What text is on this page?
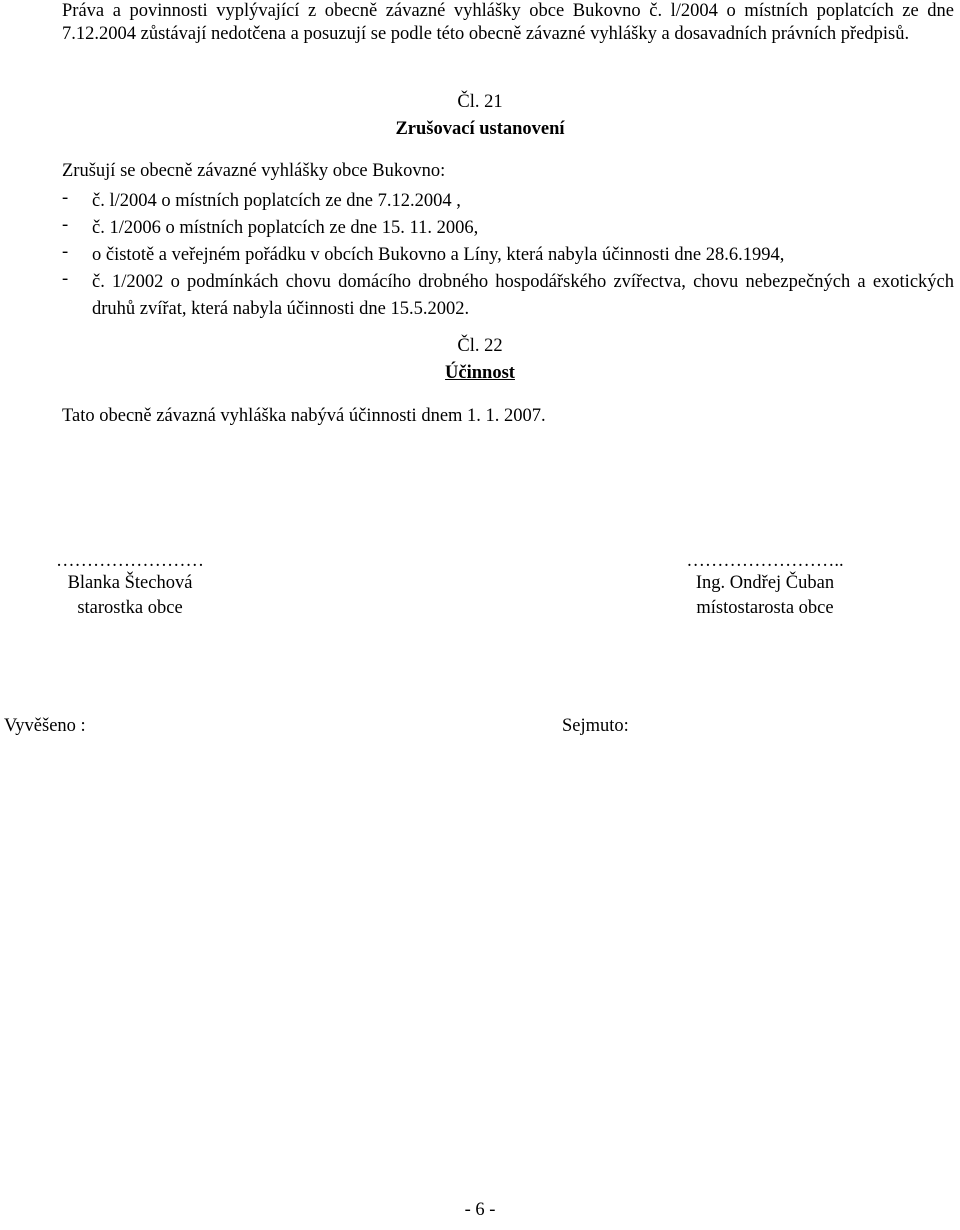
Práva a povinnosti vyplývající z obecně závazné vyhlášky obce Bukovno č. l/2004 o místních poplatcích ze dne 7.12.2004 zůstávají nedotčena a posuzují se podle této obecně závazné vyhlášky a dosavadních právních předpisů.
Čl. 21
Zrušovací ustanovení
Zrušují se obecně závazné vyhlášky obce Bukovno:
- č. l/2004 o místních poplatcích ze dne 7.12.2004 ,
- č. 1/2006 o místních poplatcích ze dne 15. 11. 2006,
- o čistotě a veřejném pořádku v obcích Bukovno a Líny, která nabyla účinnosti dne 28.6.1994,
- č. 1/2002 o podmínkách chovu domácího drobného hospodářského zvířectva, chovu nebezpečných a exotických druhů zvířat, která nabyla účinnosti dne 15.5.2002.
Čl. 22
Účinnost
Tato obecně závazná vyhláška nabývá účinnosti dnem 1. 1. 2007.
……………………
Blanka Štechová
starostka obce
……………………..
Ing. Ondřej Čuban
místostarosta obce
Vyvěšeno :	Sejmuto:
- 6 -
